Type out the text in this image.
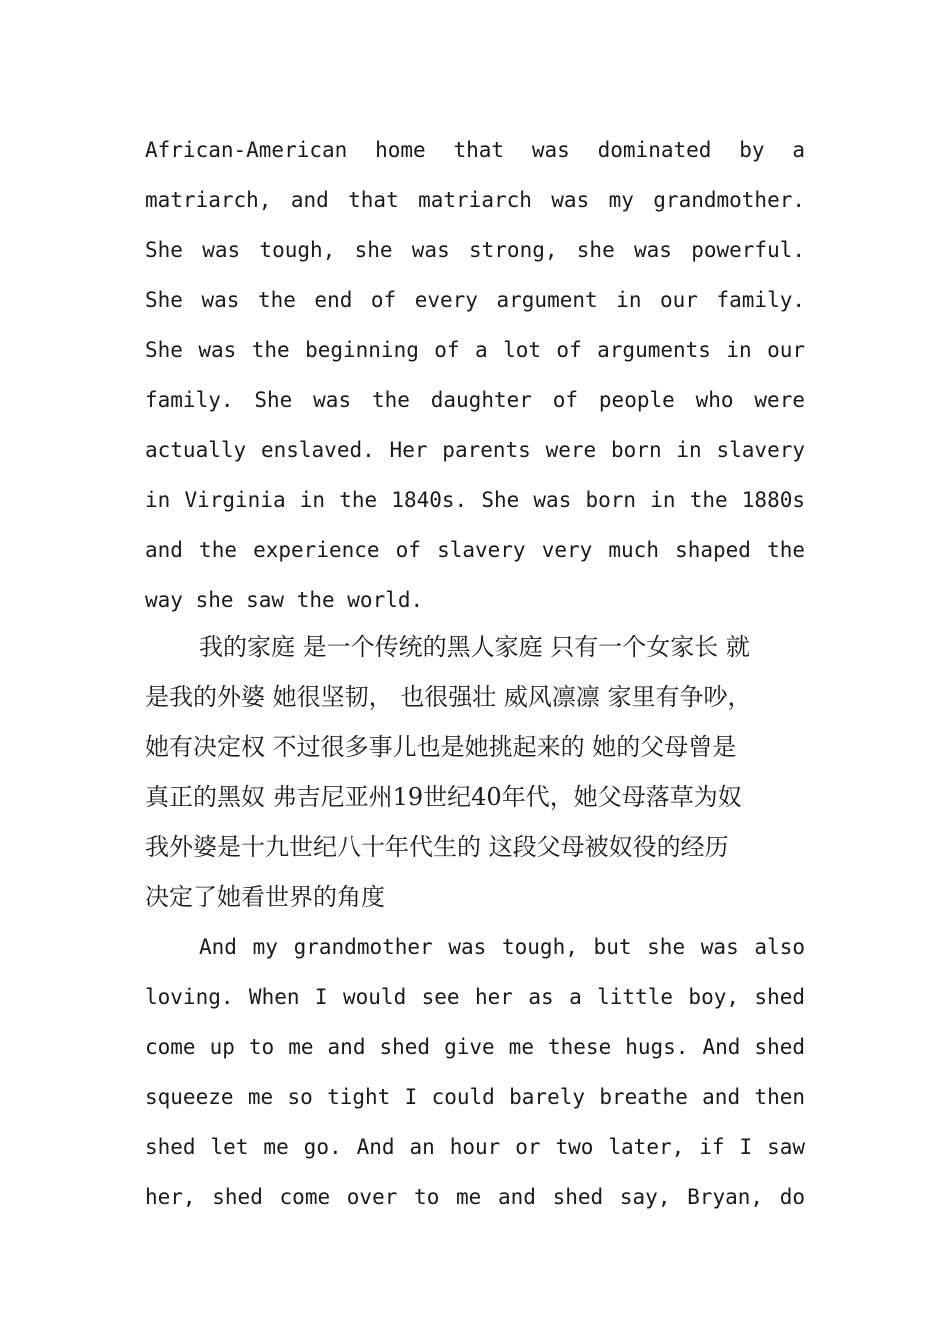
African-American home that was dominated by a
matriarch, and that matriarch was my grandmother.
She was tough, she was strong, she was powerful.
She was the end of every argument in our family.
She was the beginning of a lot of arguments in our
family. She was the daughter of people who were
actually enslaved. Her parents were born in slavery
in Virginia in the 1840s. She was born in the 1880s
and the experience of slavery very much shaped the
way she saw the world.
我的家庭 是一个传统的黑人家庭 只有一个女家长 就
是我的外婆 她很坚韧， 也很强壮 威风凛凛 家里有争吵，
她有决定权 不过很多事儿也是她挑起来的 她的父母曾是
真正的黑奴 弗吉尼亚州19世纪40年代，她父母落草为奴
我外婆是十九世纪八十年代生的 这段父母被奴役的经历
决定了她看世界的角度
And my grandmother was tough, but she was also
loving. When I would see her as a little boy, shed
come up to me and shed give me these hugs. And shed
squeeze me so tight I could barely breathe and then
shed let me go. And an hour or two later, if I saw
her, shed come over to me and shed say, Bryan, do
